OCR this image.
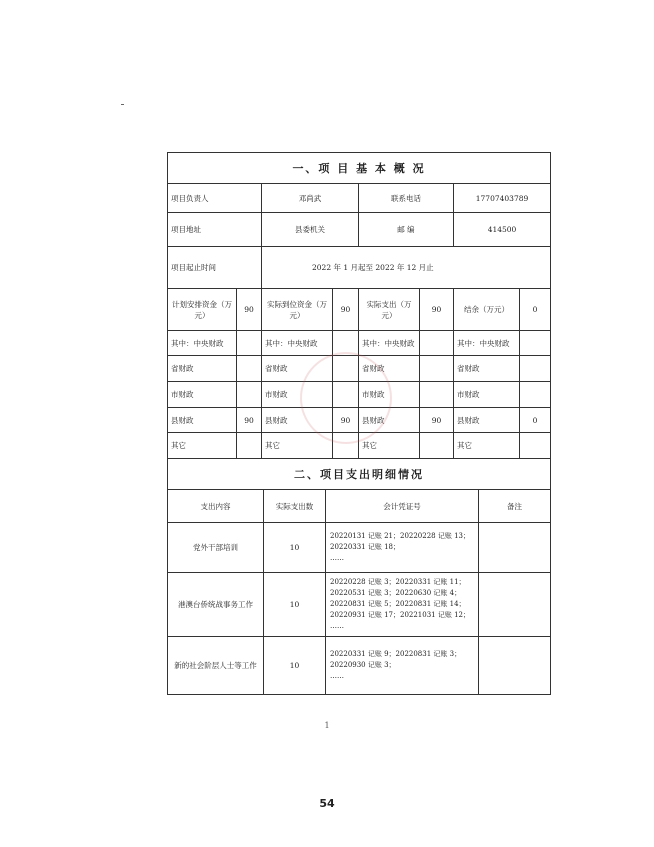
一、项 目 基 本 概 况							
项目负责人		邓尚武		联系电话		17707403789	
项目地址		县委机关		邮 编		414500	
项目起止时间		2022 年 1 月起至 2022 年 12 月止					
计划安排资金（万元）	90	实际到位资金（万元）	90	实际支出（万元）	90	结余（万元）	0
其中：中央财政		其中：中央财政		其中：中央财政		其中：中央财政	
省财政		省财政		省财政		省财政	
市财政		市财政		市财政		市财政	
县财政	90	县财政	90	县财政	90	县财政	0
其它		其它		其它		其它	
二、项目支出明细情况			
支出内容	实际支出数	会计凭证号	备注
党外干部培训	10	20220131 记账 21；20220228 记账 13；
20220331 记账 18；
……	

港澳台侨统战事务工作	10	20220228 记账 3；20220331 记账 11；
20220531 记账 3；20220630 记账 4；
20220831 记账 5；20220831 记账 14；
20220931 记账 17；20221031 记账 12；
……	

新的社会阶层人士等工作	10	20220331 记账 9；20220831 记账 3；
20220930 记账 3；
……	

1
54
